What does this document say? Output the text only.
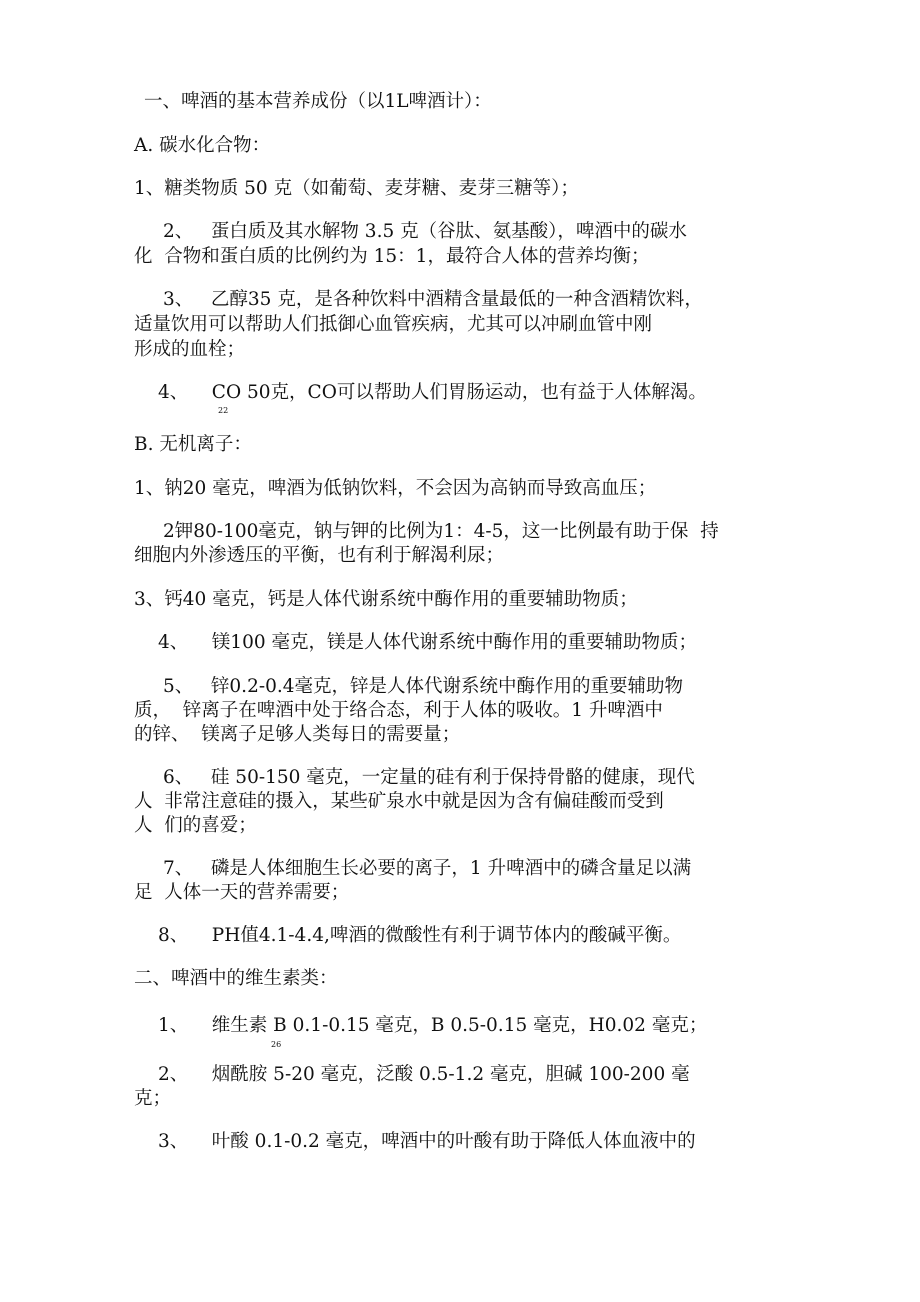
一、啤酒的基本营养成份（以1L啤酒计）：
A. 碳水化合物：
1、糖类物质 50 克（如葡萄、麦芽糖、麦芽三糖等）；
2、   蛋白质及其水解物 3.5 克（谷肽、氨基酸），啤酒中的碳水
化  合物和蛋白质的比例约为 15：1，最符合人体的营养均衡；
3、   乙醇35 克，是各种饮料中酒精含量最低的一种含酒精饮料，
适量饮用可以帮助人们抵御心血管疾病，尤其可以冲刷血管中刚
形成的血栓；
4、    CO 50克，CO可以帮助人们胃肠运动，也有益于人体解渴。
22
B. 无机离子：
1、钠20 毫克，啤酒为低钠饮料，不会因为高钠而导致高血压；
2钾80-100毫克，钠与钾的比例为1：4-5，这一比例最有助于保  持
细胞内外渗透压的平衡，也有利于解渴利尿；
3、钙40 毫克，钙是人体代谢系统中酶作用的重要辅助物质；
4、    镁100 毫克，镁是人体代谢系统中酶作用的重要辅助物质；
5、   锌0.2-0.4毫克，锌是人体代谢系统中酶作用的重要辅助物
质，  锌离子在啤酒中处于络合态，利于人体的吸收。1 升啤酒中
的锌、  镁离子足够人类每日的需要量；
6、   硅 50-150 毫克，一定量的硅有利于保持骨骼的健康，现代
人  非常注意硅的摄入，某些矿泉水中就是因为含有偏硅酸而受到
人  们的喜爱；
7、   磷是人体细胞生长必要的离子，1 升啤酒中的磷含量足以满
足  人体一天的营养需要；
8、    PH值4.1-4.4,啤酒的微酸性有利于调节体内的酸碱平衡。
二、啤酒中的维生素类：
1、    维生素 B 0.1-0.15 毫克，B 0.5-0.15 毫克，H0.02 毫克；
26
2、    烟酰胺 5-20 毫克，泛酸 0.5-1.2 毫克，胆碱 100-200 毫
克；
3、    叶酸 0.1-0.2 毫克，啤酒中的叶酸有助于降低人体血液中的
